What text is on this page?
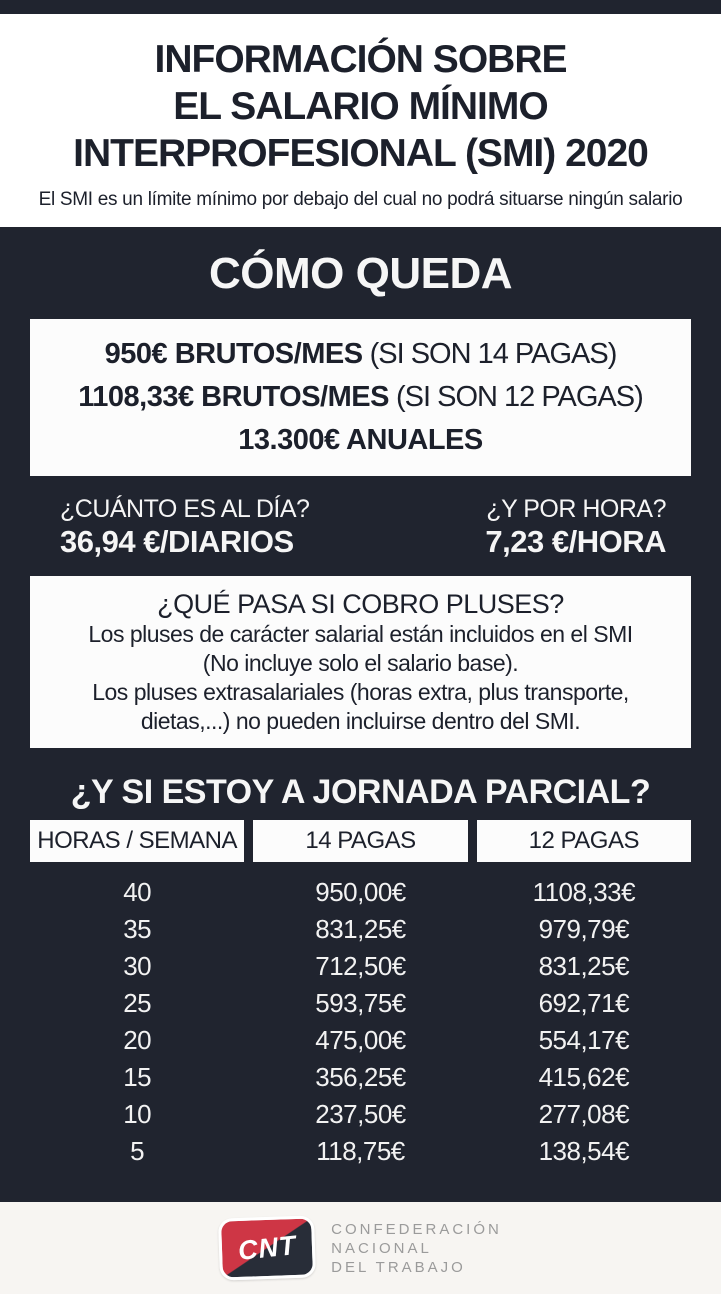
INFORMACIÓN SOBRE
EL SALARIO MÍNIMO
INTERPROFESIONAL (SMI) 2020
El SMI es un límite mínimo por debajo del cual no podrá situarse ningún salario
CÓMO QUEDA
950€ BRUTOS/MES (SI SON 14 PAGAS)
1108,33€ BRUTOS/MES (SI SON 12 PAGAS)
13.300€ ANUALES
¿CUÁNTO ES AL DÍA?
36,94 €/DIARIOS
¿Y POR HORA?
7,23 €/HORA
¿QUÉ PASA SI COBRO PLUSES?
Los pluses de carácter salarial están incluidos en el SMI
(No incluye solo el salario base).
Los pluses extrasalariales (horas extra, plus transporte,
dietas,...) no pueden incluirse dentro del SMI.
¿Y SI ESTOY A JORNADA PARCIAL?
HORAS / SEMANA	14 PAGAS	12 PAGAS
40	950,00€	1108,33€
35	831,25€	979,79€
30	712,50€	831,25€
25	593,75€	692,71€
20	475,00€	554,17€
15	356,25€	415,62€
10	237,50€	277,08€
5	118,75€	138,54€
CNT
CONFEDERACIÓN
NACIONAL
DEL TRABAJO
